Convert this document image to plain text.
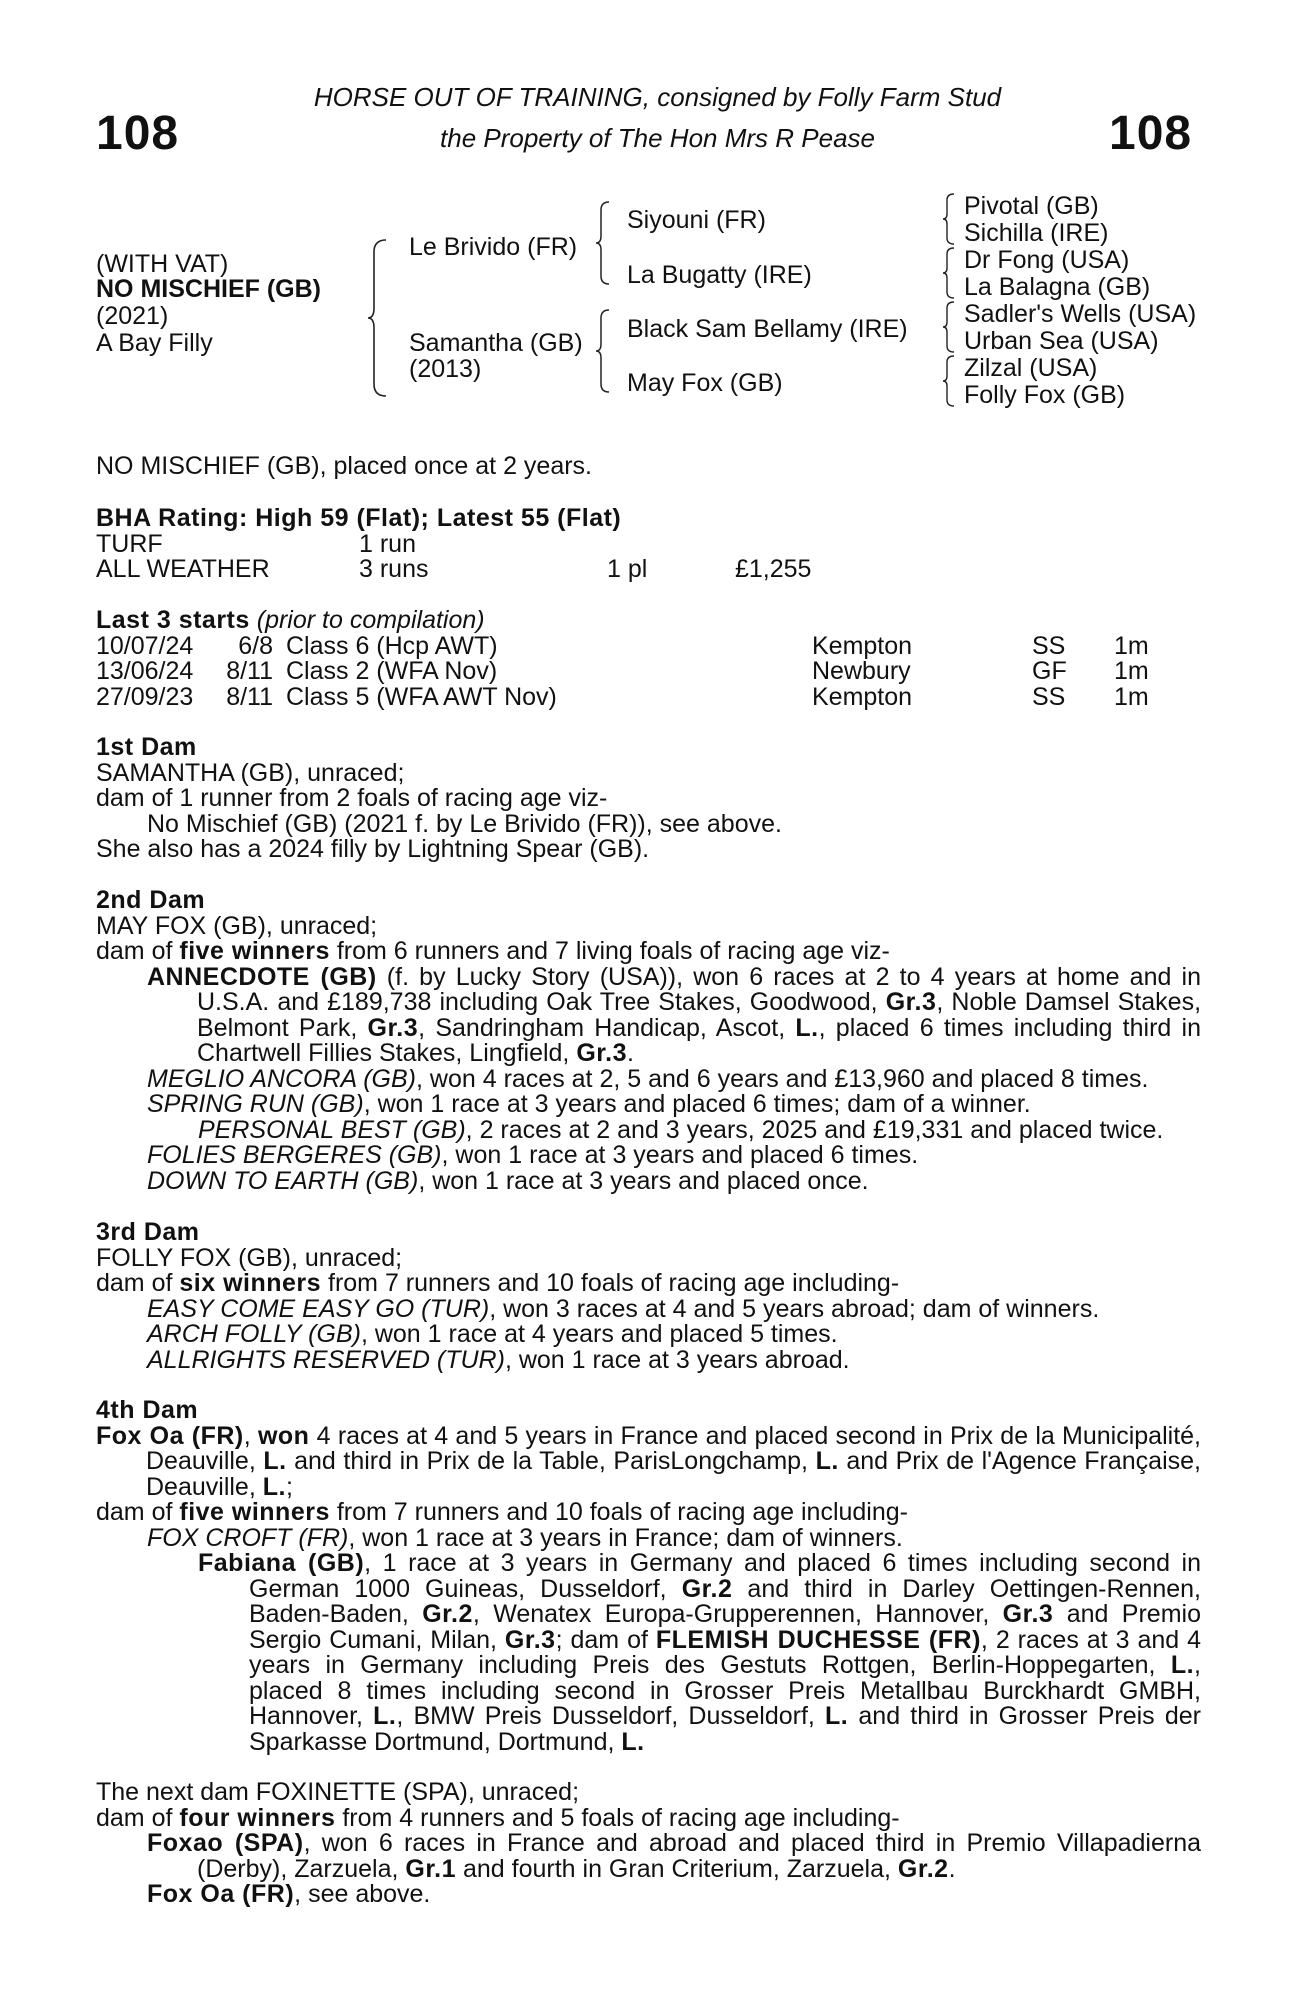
108	108
HORSE OUT OF TRAINING, consigned by Folly Farm Stud
the Property of The Hon Mrs R Pease
(WITH VAT)
NO MISCHIEF (GB)
(2021)
A Bay Filly
Le Brivido (FR)
Samantha (GB)
(2013)
Siyouni (FR)
La Bugatty (IRE)
Black Sam Bellamy (IRE)
May Fox (GB)
Pivotal (GB)
Sichilla (IRE)
Dr Fong (USA)
La Balagna (GB)
Sadler's Wells (USA)
Urban Sea (USA)
Zilzal (USA)
Folly Fox (GB)
NO MISCHIEF (GB), placed once at 2 years.

BHA Rating: High 59 (Flat); Latest 55 (Flat)

TURF	1 run		
ALL WEATHER	3 runs	1 pl	£1,255

Last 3 starts (prior to compilation)

10/07/24	6/8	Class 6 (Hcp AWT)	Kempton	SS	1m
13/06/24	8/11	Class 2 (WFA Nov)	Newbury	GF	1m
27/09/23	8/11	Class 5 (WFA AWT Nov)	Kempton	SS	1m

1st Dam

SAMANTHA (GB), unraced;

dam of 1 runner from 2 foals of racing age viz-

No Mischief (GB) (2021 f. by Le Brivido (FR)), see above.

She also has a 2024 filly by Lightning Spear (GB).

2nd Dam

MAY FOX (GB), unraced;

dam of five winners from 6 runners and 7 living foals of racing age viz-

ANNECDOTE (GB) (f. by Lucky Story (USA)), won 6 races at 2 to 4 years at home and in U.S.A. and £189,738 including Oak Tree Stakes, Goodwood, Gr.3, Noble Damsel Stakes, Belmont Park, Gr.3, Sandringham Handicap, Ascot, L., placed 6 times including third in Chartwell Fillies Stakes, Lingfield, Gr.3.

MEGLIO ANCORA (GB), won 4 races at 2, 5 and 6 years and £13,960 and placed 8 times.

SPRING RUN (GB), won 1 race at 3 years and placed 6 times; dam of a winner.

PERSONAL BEST (GB), 2 races at 2 and 3 years, 2025 and £19,331 and placed twice.

FOLIES BERGERES (GB), won 1 race at 3 years and placed 6 times.

DOWN TO EARTH (GB), won 1 race at 3 years and placed once.

3rd Dam

FOLLY FOX (GB), unraced;

dam of six winners from 7 runners and 10 foals of racing age including-

EASY COME EASY GO (TUR), won 3 races at 4 and 5 years abroad; dam of winners.

ARCH FOLLY (GB), won 1 race at 4 years and placed 5 times.

ALLRIGHTS RESERVED (TUR), won 1 race at 3 years abroad.

4th Dam

Fox Oa (FR), won 4 races at 4 and 5 years in France and placed second in Prix de la Municipalité, Deauville, L. and third in Prix de la Table, ParisLongchamp, L. and Prix de l'Agence Française, Deauville, L.;

dam of five winners from 7 runners and 10 foals of racing age including-

FOX CROFT (FR), won 1 race at 3 years in France; dam of winners.

Fabiana (GB), 1 race at 3 years in Germany and placed 6 times including second in German 1000 Guineas, Dusseldorf, Gr.2 and third in Darley Oettingen-Rennen, Baden-Baden, Gr.2, Wenatex Europa-Grupperennen, Hannover, Gr.3 and Premio Sergio Cumani, Milan, Gr.3; dam of FLEMISH DUCHESSE (FR), 2 races at 3 and 4 years in Germany including Preis des Gestuts Rottgen, Berlin-Hoppegarten, L., placed 8 times including second in Grosser Preis Metallbau Burckhardt GMBH, Hannover, L., BMW Preis Dusseldorf, Dusseldorf, L. and third in Grosser Preis der Sparkasse Dortmund, Dortmund, L.

The next dam FOXINETTE (SPA), unraced;

dam of four winners from 4 runners and 5 foals of racing age including-

Foxao (SPA), won 6 races in France and abroad and placed third in Premio Villapadierna (Derby), Zarzuela, Gr.1 and fourth in Gran Criterium, Zarzuela, Gr.2.

Fox Oa (FR), see above.
